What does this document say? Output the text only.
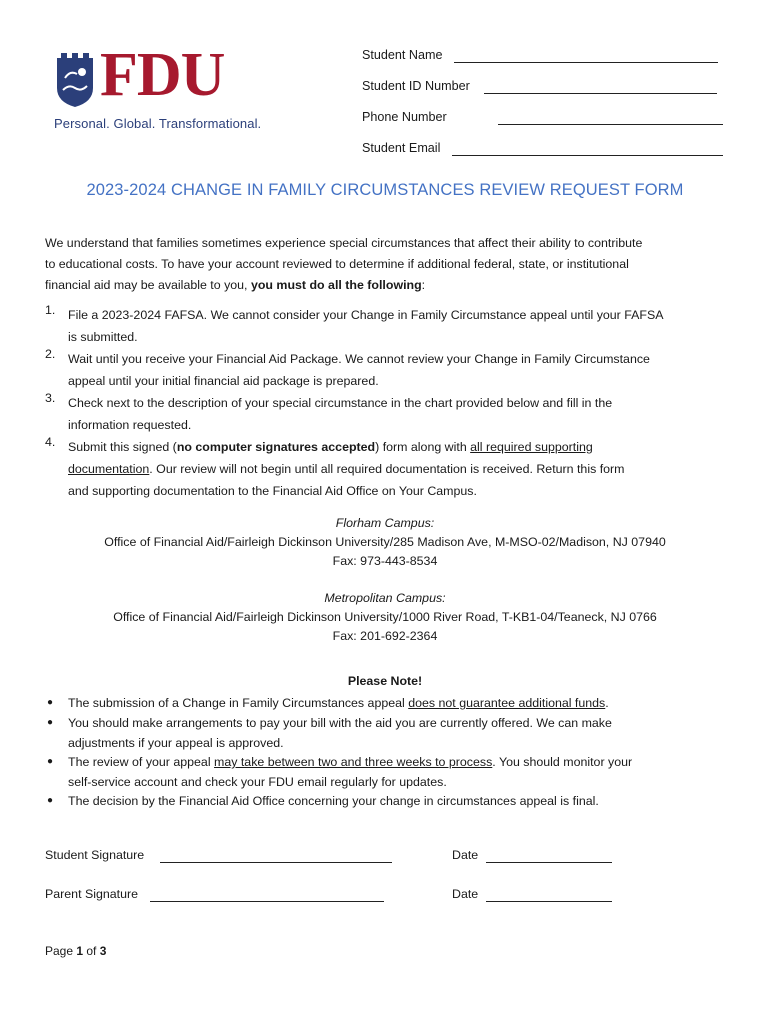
FDU
Personal. Global. Transformational.
Student Name
Student ID Number
Phone Number
Student Email
2023-2024 CHANGE IN FAMILY CIRCUMSTANCES REVIEW REQUEST FORM
We understand that families sometimes experience special circumstances that affect their ability to contribute
to educational costs. To have your account reviewed to determine if additional federal, state, or institutional
financial aid may be available to you, you must do all the following:
1. File a 2023-2024 FAFSA. We cannot consider your Change in Family Circumstance appeal until your FAFSA
is submitted.
2. Wait until you receive your Financial Aid Package. We cannot review your Change in Family Circumstance
appeal until your initial financial aid package is prepared.
3. Check next to the description of your special circumstance in the chart provided below and fill in the
information requested.
4. Submit this signed (no computer signatures accepted) form along with all required supporting
documentation. Our review will not begin until all required documentation is received. Return this form
and supporting documentation to the Financial Aid Office on Your Campus.
Florham Campus:
Office of Financial Aid/Fairleigh Dickinson University/285 Madison Ave, M-MSO-02/Madison, NJ 07940
Fax: 973-443-8534
Metropolitan Campus:
Office of Financial Aid/Fairleigh Dickinson University/1000 River Road, T-KB1-04/Teaneck, NJ 0766
Fax: 201-692-2364
Please Note!
● The submission of a Change in Family Circumstances appeal does not guarantee additional funds.
● You should make arrangements to pay your bill with the aid you are currently offered. We can make
adjustments if your appeal is approved.
● The review of your appeal may take between two and three weeks to process. You should monitor your
self-service account and check your FDU email regularly for updates.
● The decision by the Financial Aid Office concerning your change in circumstances appeal is final.
Student Signature	Date
Parent Signature	Date
Page 1 of 3
